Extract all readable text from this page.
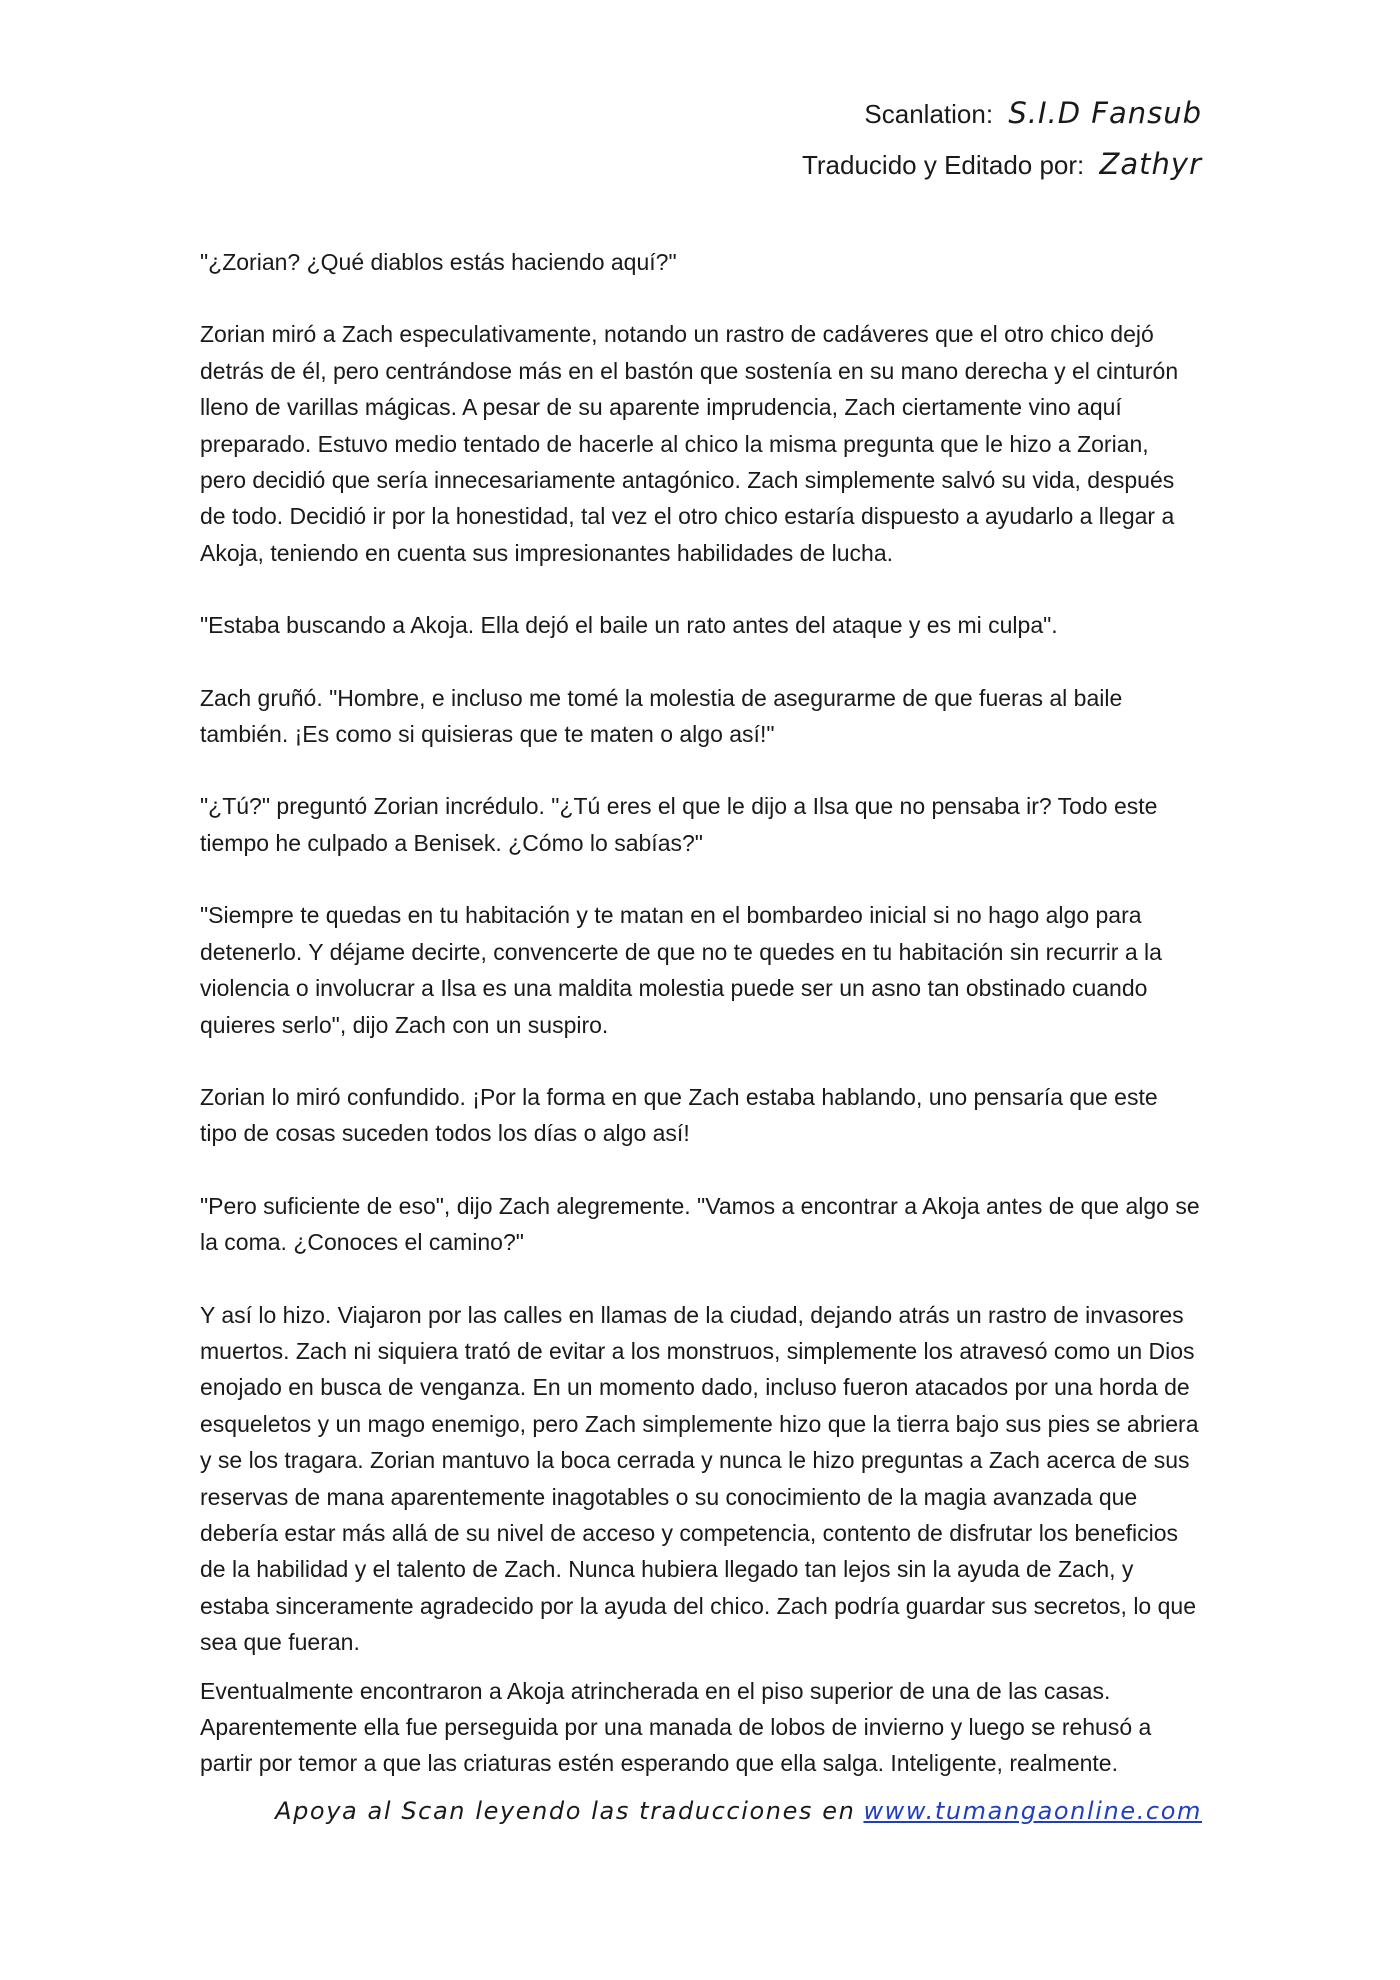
Scanlation: S.I.D Fansub
Traducido y Editado por: Zathyr

"¿Zorian? ¿Qué diablos estás haciendo aquí?"

Zorian miró a Zach especulativamente, notando un rastro de cadáveres que el otro chico dejó detrás de él, pero centrándose más en el bastón que sostenía en su mano derecha y el cinturón lleno de varillas mágicas. A pesar de su aparente imprudencia, Zach ciertamente vino aquí preparado. Estuvo medio tentado de hacerle al chico la misma pregunta que le hizo a Zorian, pero decidió que sería innecesariamente antagónico. Zach simplemente salvó su vida, después de todo. Decidió ir por la honestidad, tal vez el otro chico estaría dispuesto a ayudarlo a llegar a Akoja, teniendo en cuenta sus impresionantes habilidades de lucha.

"Estaba buscando a Akoja. Ella dejó el baile un rato antes del ataque y es mi culpa".

Zach gruñó. "Hombre, e incluso me tomé la molestia de asegurarme de que fueras al baile también. ¡Es como si quisieras que te maten o algo así!"

"¿Tú?" preguntó Zorian incrédulo. "¿Tú eres el que le dijo a Ilsa que no pensaba ir? Todo este tiempo he culpado a Benisek. ¿Cómo lo sabías?"

"Siempre te quedas en tu habitación y te matan en el bombardeo inicial si no hago algo para detenerlo. Y déjame decirte, convencerte de que no te quedes en tu habitación sin recurrir a la violencia o involucrar a Ilsa es una maldita molestia puede ser un asno tan obstinado cuando quieres serlo", dijo Zach con un suspiro.

Zorian lo miró confundido. ¡Por la forma en que Zach estaba hablando, uno pensaría que este tipo de cosas suceden todos los días o algo así!

"Pero suficiente de eso", dijo Zach alegremente. "Vamos a encontrar a Akoja antes de que algo se la coma. ¿Conoces el camino?"

Y así lo hizo. Viajaron por las calles en llamas de la ciudad, dejando atrás un rastro de invasores muertos. Zach ni siquiera trató de evitar a los monstruos, simplemente los atravesó como un Dios enojado en busca de venganza. En un momento dado, incluso fueron atacados por una horda de esqueletos y un mago enemigo, pero Zach simplemente hizo que la tierra bajo sus pies se abriera y se los tragara. Zorian mantuvo la boca cerrada y nunca le hizo preguntas a Zach acerca de sus reservas de mana aparentemente inagotables o su conocimiento de la magia avanzada que debería estar más allá de su nivel de acceso y competencia, contento de disfrutar los beneficios de la habilidad y el talento de Zach. Nunca hubiera llegado tan lejos sin la ayuda de Zach, y estaba sinceramente agradecido por la ayuda del chico. Zach podría guardar sus secretos, lo que sea que fueran.

Eventualmente encontraron a Akoja atrincherada en el piso superior de una de las casas. Aparentemente ella fue perseguida por una manada de lobos de invierno y luego se rehusó a partir por temor a que las criaturas estén esperando que ella salga. Inteligente, realmente.

Apoya al Scan leyendo las traducciones en www.tumangaonline.com
